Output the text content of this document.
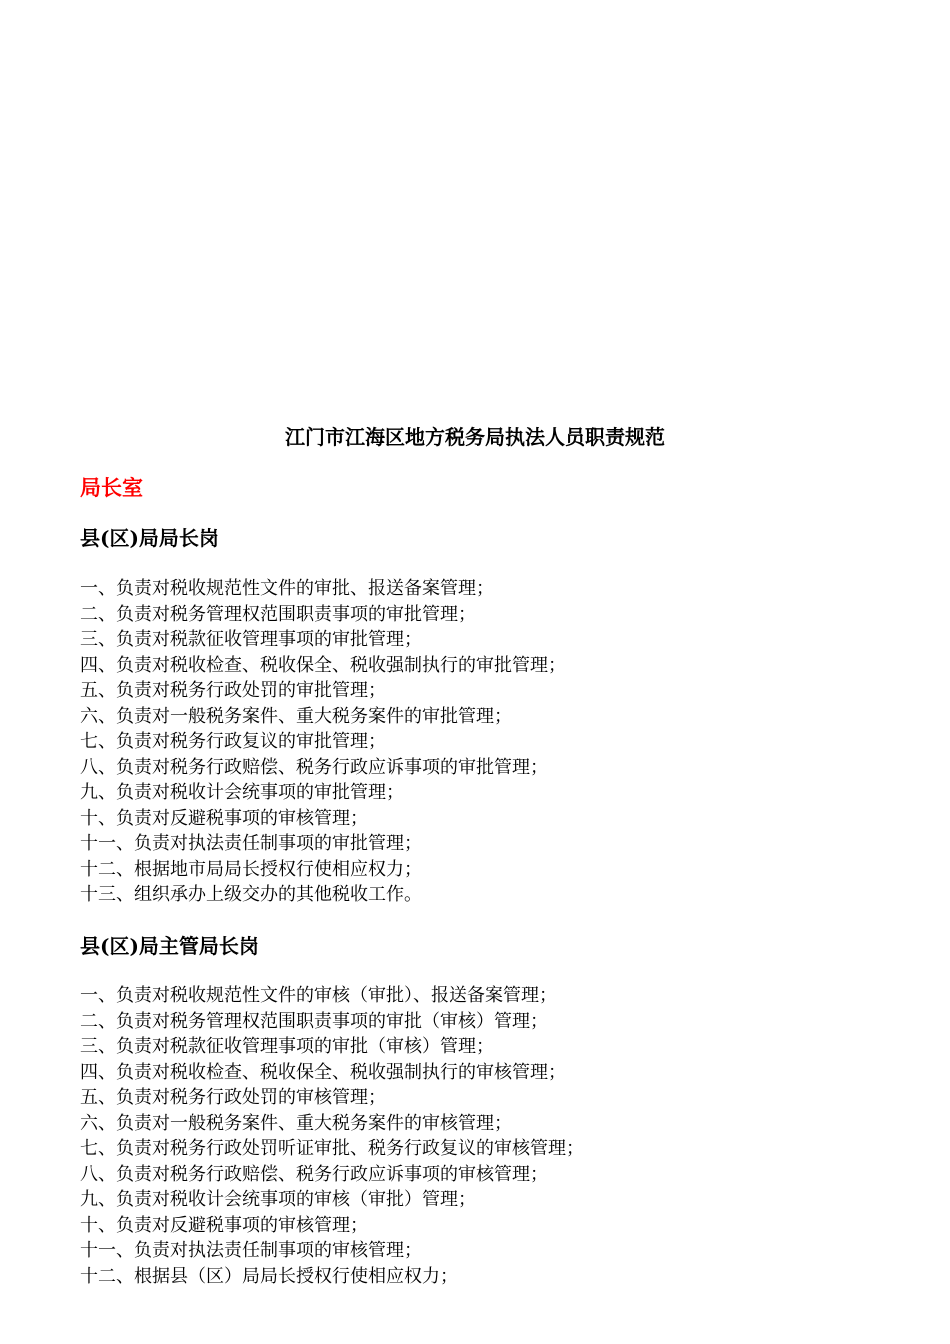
江门市江海区地方税务局执法人员职责规范
局长室
县(区)局局长岗
一、负责对税收规范性文件的审批、报送备案管理；
二、负责对税务管理权范围职责事项的审批管理；
三、负责对税款征收管理事项的审批管理；
四、负责对税收检查、税收保全、税收强制执行的审批管理；
五、负责对税务行政处罚的审批管理；
六、负责对一般税务案件、重大税务案件的审批管理；
七、负责对税务行政复议的审批管理；
八、负责对税务行政赔偿、税务行政应诉事项的审批管理；
九、负责对税收计会统事项的审批管理；
十、负责对反避税事项的审核管理；
十一、负责对执法责任制事项的审批管理；
十二、根据地市局局长授权行使相应权力；
十三、组织承办上级交办的其他税收工作。
县(区)局主管局长岗
一、负责对税收规范性文件的审核（审批）、报送备案管理；
二、负责对税务管理权范围职责事项的审批（审核）管理；
三、负责对税款征收管理事项的审批（审核）管理；
四、负责对税收检查、税收保全、税收强制执行的审核管理；
五、负责对税务行政处罚的审核管理；
六、负责对一般税务案件、重大税务案件的审核管理；
七、负责对税务行政处罚听证审批、税务行政复议的审核管理；
八、负责对税务行政赔偿、税务行政应诉事项的审核管理；
九、负责对税收计会统事项的审核（审批）管理；
十、负责对反避税事项的审核管理；
十一、负责对执法责任制事项的审核管理；
十二、根据县（区）局局长授权行使相应权力；
